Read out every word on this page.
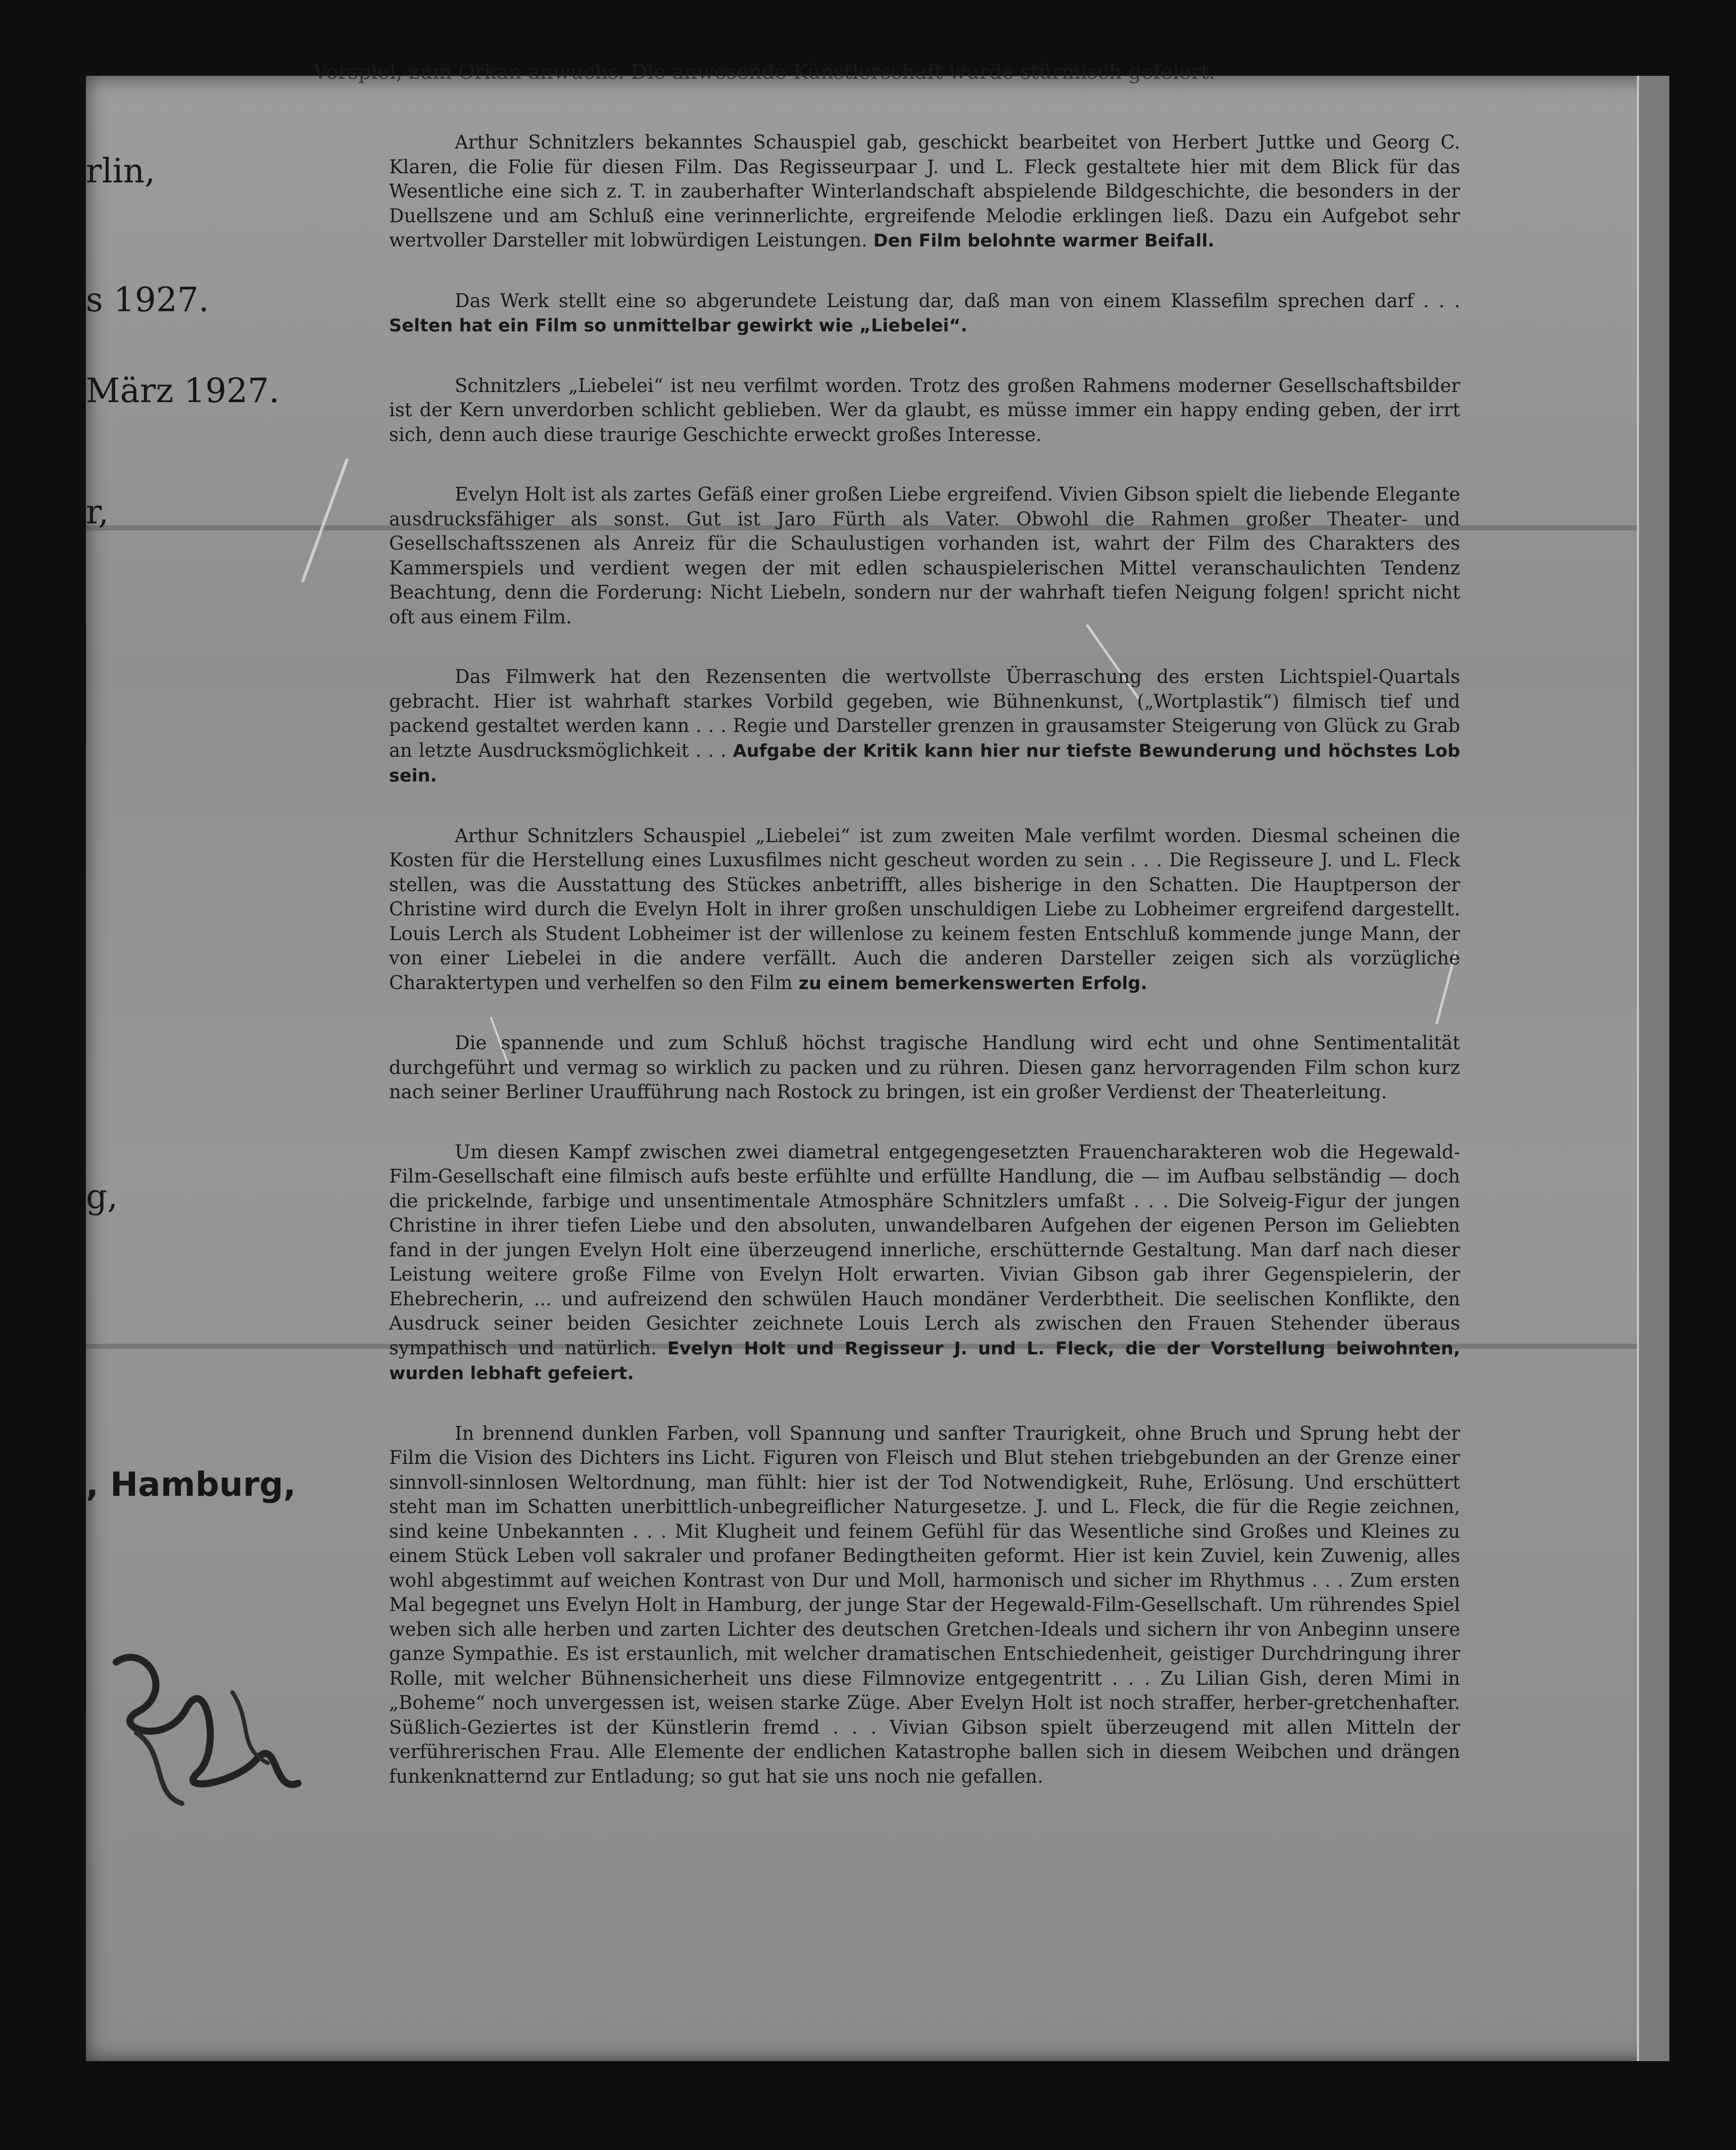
Vorspiel, zum Orkan anwuchs. Die anwesende Künstlerschaft wurde stürmisch gefeiert.
rlin,
s 1927.
März 1927.
r,
g,
, Hamburg,

Arthur Schnitzlers bekanntes Schauspiel gab, geschickt bearbeitet von Herbert Juttke und Georg C. Klaren, die Folie für diesen Film. Das Regisseurpaar J. und L. Fleck gestaltete hier mit dem Blick für das Wesentliche eine sich z. T. in zauberhafter Winterlandschaft abspielende Bildgeschichte, die besonders in der Duellszene und am Schluß eine verinnerlichte, ergreifende Melodie erklingen ließ. Dazu ein Aufgebot sehr wertvoller Darsteller mit lobwürdigen Leistungen. Den Film belohnte warmer Beifall.

Das Werk stellt eine so abgerundete Leistung dar, daß man von einem Klassefilm sprechen darf . . . Selten hat ein Film so unmittelbar gewirkt wie „Liebelei“.

Schnitzlers „Liebelei“ ist neu verfilmt worden. Trotz des großen Rahmens moderner Gesellschaftsbilder ist der Kern unverdorben schlicht geblieben. Wer da glaubt, es müsse immer ein happy ending geben, der irrt sich, denn auch diese traurige Geschichte erweckt großes Interesse.

Evelyn Holt ist als zartes Gefäß einer großen Liebe ergreifend. Vivien Gibson spielt die liebende Elegante ausdrucksfähiger als sonst. Gut ist Jaro Fürth als Vater. Obwohl die Rahmen großer Theater- und Gesellschaftsszenen als Anreiz für die Schaulustigen vorhanden ist, wahrt der Film des Charakters des Kammerspiels und verdient wegen der mit edlen schauspielerischen Mittel veranschaulichten Tendenz Beachtung, denn die Forderung: Nicht Liebeln, sondern nur der wahrhaft tiefen Neigung folgen! spricht nicht oft aus einem Film.

Das Filmwerk hat den Rezensenten die wertvollste Überraschung des ersten Lichtspiel-Quartals gebracht. Hier ist wahrhaft starkes Vorbild gegeben, wie Bühnenkunst, („Wortplastik“) filmisch tief und packend gestaltet werden kann . . . Regie und Darsteller grenzen in grausamster Steigerung von Glück zu Grab an letzte Ausdrucksmöglichkeit . . . Aufgabe der Kritik kann hier nur tiefste Bewunderung und höchstes Lob sein.

Arthur Schnitzlers Schauspiel „Liebelei“ ist zum zweiten Male verfilmt worden. Diesmal scheinen die Kosten für die Herstellung eines Luxusfilmes nicht gescheut worden zu sein . . . Die Regisseure J. und L. Fleck stellen, was die Ausstattung des Stückes anbetrifft, alles bisherige in den Schatten. Die Hauptperson der Christine wird durch die Evelyn Holt in ihrer großen unschuldigen Liebe zu Lobheimer ergreifend dargestellt. Louis Lerch als Student Lobheimer ist der willenlose zu keinem festen Entschluß kommende junge Mann, der von einer Liebelei in die andere verfällt. Auch die anderen Darsteller zeigen sich als vorzügliche Charaktertypen und verhelfen so den Film zu einem bemerkenswerten Erfolg.

Die spannende und zum Schluß höchst tragische Handlung wird echt und ohne Sentimentalität durchgeführt und vermag so wirklich zu packen und zu rühren. Diesen ganz hervorragenden Film schon kurz nach seiner Berliner Uraufführung nach Rostock zu bringen, ist ein großer Verdienst der Theaterleitung.

Um diesen Kampf zwischen zwei diametral entgegengesetzten Frauencharakteren wob die Hegewald-Film-Gesellschaft eine filmisch aufs beste erfühlte und erfüllte Handlung, die — im Aufbau selbständig — doch die prickelnde, farbige und unsentimentale Atmosphäre Schnitzlers umfaßt . . . Die Solveig-Figur der jungen Christine in ihrer tiefen Liebe und den absoluten, unwandelbaren Aufgehen der eigenen Person im Geliebten fand in der jungen Evelyn Holt eine überzeugend innerliche, erschütternde Gestaltung. Man darf nach dieser Leistung weitere große Filme von Evelyn Holt erwarten. Vivian Gibson gab ihrer Gegenspielerin, der Ehebrecherin, ... und aufreizend den schwülen Hauch mondäner Verderbtheit. Die seelischen Konflikte, den Ausdruck seiner beiden Gesichter zeichnete Louis Lerch als zwischen den Frauen Stehender überaus sympathisch und natürlich. Evelyn Holt und Regisseur J. und L. Fleck, die der Vorstellung beiwohnten, wurden lebhaft gefeiert.

In brennend dunklen Farben, voll Spannung und sanfter Traurigkeit, ohne Bruch und Sprung hebt der Film die Vision des Dichters ins Licht. Figuren von Fleisch und Blut stehen triebgebunden an der Grenze einer sinnvoll-sinnlosen Weltordnung, man fühlt: hier ist der Tod Notwendigkeit, Ruhe, Erlösung. Und erschüttert steht man im Schatten unerbittlich-unbegreiflicher Naturgesetze. J. und L. Fleck, die für die Regie zeichnen, sind keine Unbekannten . . . Mit Klugheit und feinem Gefühl für das Wesentliche sind Großes und Kleines zu einem Stück Leben voll sakraler und profaner Bedingtheiten geformt. Hier ist kein Zuviel, kein Zuwenig, alles wohl abgestimmt auf weichen Kontrast von Dur und Moll, harmonisch und sicher im Rhythmus . . . Zum ersten Mal begegnet uns Evelyn Holt in Hamburg, der junge Star der Hegewald-Film-Gesellschaft. Um rührendes Spiel weben sich alle herben und zarten Lichter des deutschen Gretchen-Ideals und sichern ihr von Anbeginn unsere ganze Sympathie. Es ist erstaunlich, mit welcher dramatischen Entschiedenheit, geistiger Durchdringung ihrer Rolle, mit welcher Bühnensicherheit uns diese Filmnovize entgegentritt . . . Zu Lilian Gish, deren Mimi in „Boheme“ noch unvergessen ist, weisen starke Züge. Aber Evelyn Holt ist noch straffer, herber-gretchenhafter. Süßlich-Geziertes ist der Künstlerin fremd . . . Vivian Gibson spielt überzeugend mit allen Mitteln der verführerischen Frau. Alle Elemente der endlichen Katastrophe ballen sich in diesem Weibchen und drängen funkenknatternd zur Entladung; so gut hat sie uns noch nie gefallen.
